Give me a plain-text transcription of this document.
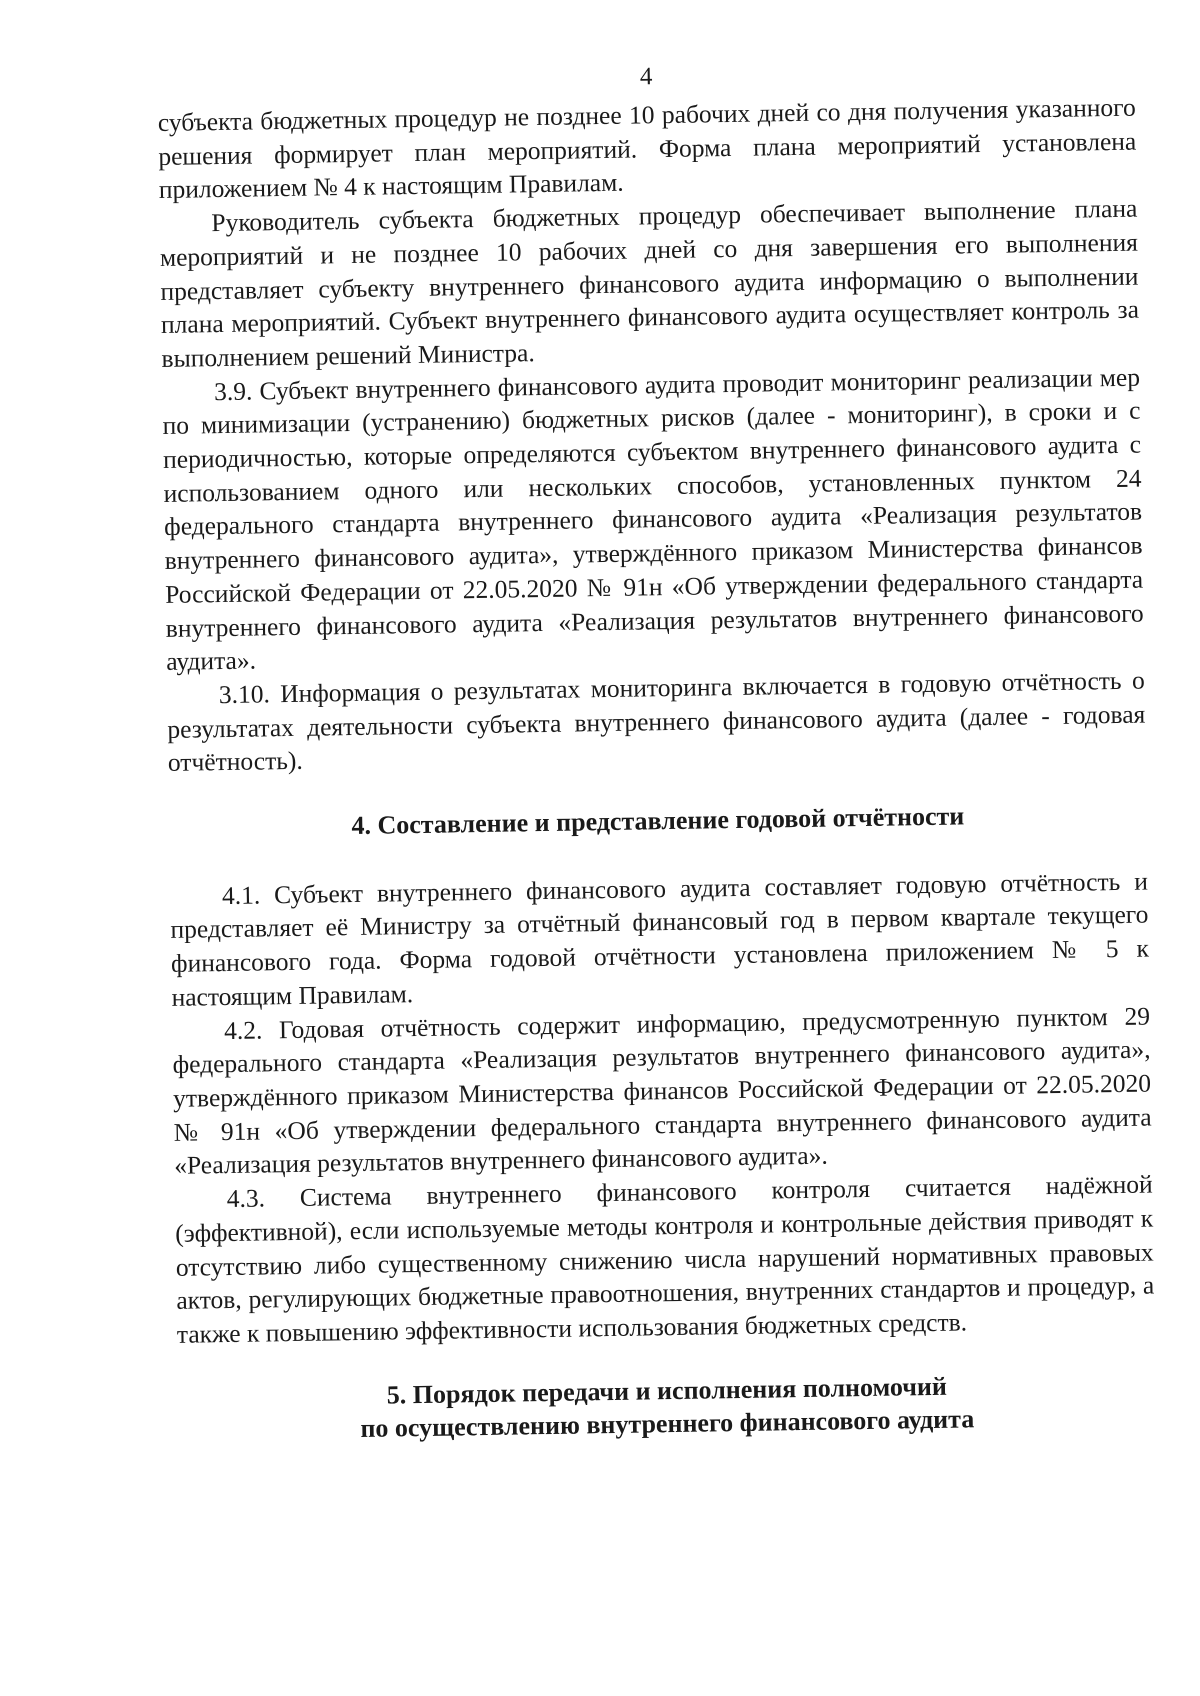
4

субъекта бюджетных процедур не позднее 10 рабочих дней со дня получения указанного решения формирует план мероприятий. Форма плана мероприятий установлена приложением № 4 к настоящим Правилам.

Руководитель субъекта бюджетных процедур обеспечивает выполнение плана мероприятий и не позднее 10 рабочих дней со дня завершения его выполнения представляет субъекту внутреннего финансового аудита информацию о выполнении плана мероприятий. Субъект внутреннего финансового аудита осуществляет контроль за выполнением решений Министра.

3.9. Субъект внутреннего финансового аудита проводит мониторинг реализации мер по минимизации (устранению) бюджетных рисков (далее - мониторинг), в сроки и с периодичностью, которые определяются субъектом внутреннего финансового аудита с использованием одного или нескольких способов, установленных пунктом 24 федерального стандарта внутреннего финансового аудита «Реализация результатов внутреннего финансового аудита», утверждённого приказом Министерства финансов Российской Федерации от 22.05.2020 № 91н «Об утверждении федерального стандарта внутреннего финансового аудита «Реализация результатов внутреннего финансового аудита».

3.10. Информация о результатах мониторинга включается в годовую отчётность о результатах деятельности субъекта внутреннего финансового аудита (далее - годовая отчётность).

4. Составление и представление годовой отчётности

4.1. Субъект внутреннего финансового аудита составляет годовую отчётность и представляет её Министру за отчётный финансовый год в первом квартале текущего финансового года. Форма годовой отчётности установлена приложением № 5 к настоящим Правилам.

4.2. Годовая отчётность содержит информацию, предусмотренную пунктом 29 федерального стандарта «Реализация результатов внутреннего финансового аудита», утверждённого приказом Министерства финансов Российской Федерации от 22.05.2020 № 91н «Об утверждении федерального стандарта внутреннего финансового аудита «Реализация результатов внутреннего финансового аудита».

4.3. Система внутреннего финансового контроля считается надёжной (эффективной), если используемые методы контроля и контрольные действия приводят к отсутствию либо существенному снижению числа нарушений нормативных правовых актов, регулирующих бюджетные правоотношения, внутренних стандартов и процедур, а также к повышению эффективности использования бюджетных средств.

5. Порядок передачи и исполнения полномочий

по осуществлению внутреннего финансового аудита
